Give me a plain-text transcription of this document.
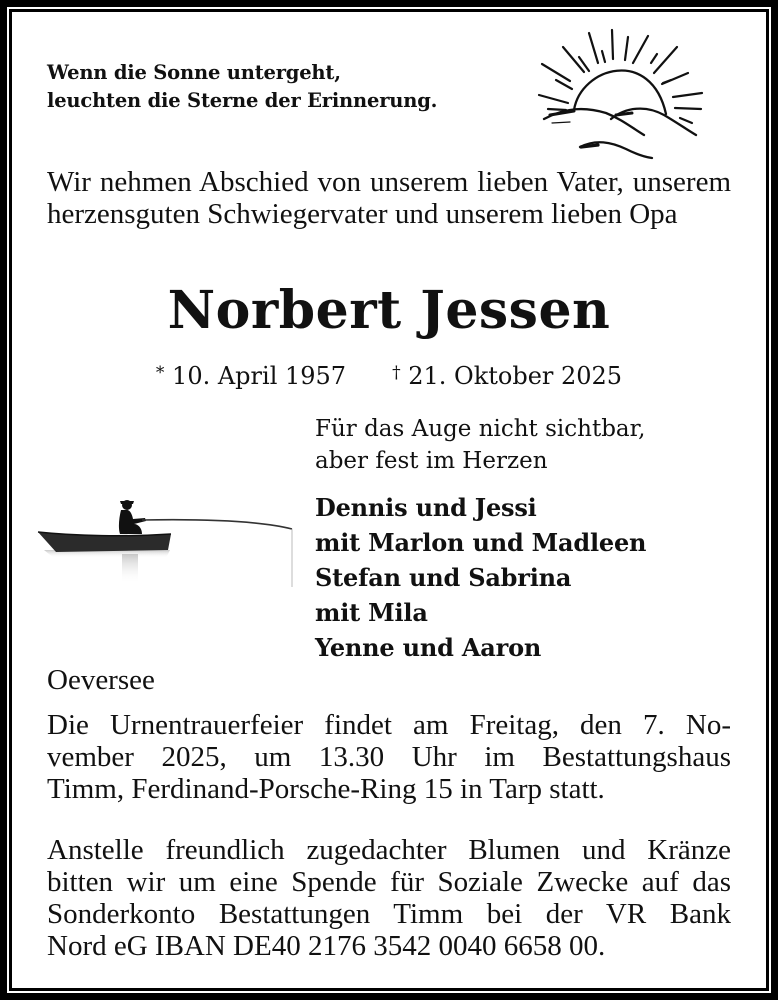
Wenn die Sonne untergeht,
leuchten die Sterne der Erinnerung.

Wir nehmen Abschied von unserem lieben Vater, unserem herzensguten Schwiegervater und unserem lieben Opa

Norbert Jessen
* 10. April 1957	† 21. Oktober 2025
Für das Auge nicht sichtbar,
aber fest im Herzen
Dennis und Jessi
mit Marlon und Madleen
Stefan und Sabrina
mit Mila
Yenne und Aaron
Oeversee
Die Urnentrauerfeier findet am Freitag, den 7. No-
vember 2025, um 13.30 Uhr im Bestattungshaus
Timm, Ferdinand-Porsche-Ring 15 in Tarp statt.
Anstelle freundlich zugedachter Blumen und Kränze
bitten wir um eine Spende für Soziale Zwecke auf das
Sonderkonto Bestattungen Timm bei der VR Bank
Nord eG IBAN DE40 2176 3542 0040 6658 00.
